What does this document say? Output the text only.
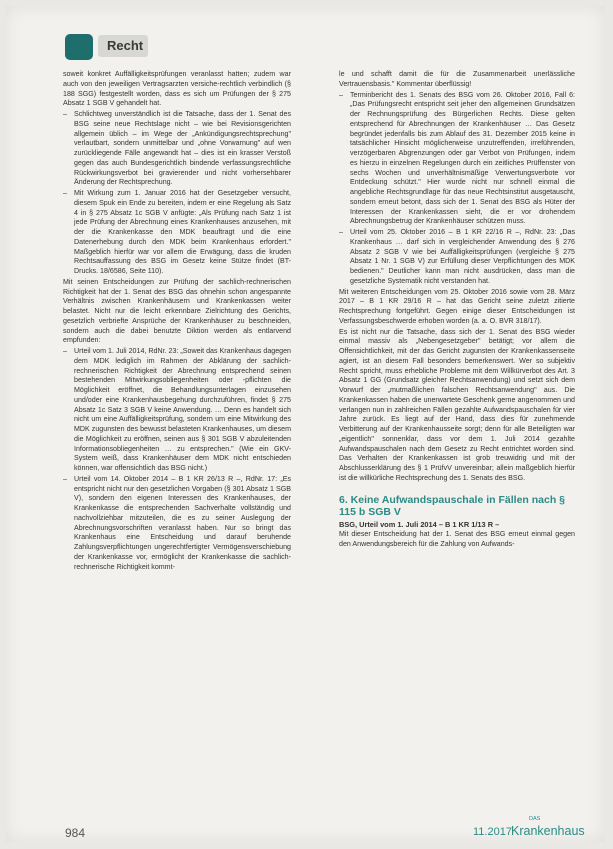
Recht

soweit konkret Auffälligkeitsprüfungen veranlasst hatten; zudem war auch von den jeweiligen Vertragsarzten versiche-rechtlich verbindlich (§ 188 SGG) festgestellt worden, dass es sich um Prüfungen der § 275 Absatz 1 SGB V gehandelt hat.

– Schlichtweg unverständlich ist die Tatsache, dass der 1. Senat des BSG seine neue Rechtslage nicht – wie bei Revisionsgerichten allgemein üblich – im Wege der „Ankündigungsrechtsprechung" verlautbart, sondern unmittelbar und „ohne Vorwarnung" auf wen zurückliegende Fälle angewandt hat – dies ist ein krasser Verstoß gegen das auch Bundesgerichtlich bindende verfassungsrechtliche Rückwirkungsverbot bei gravierender und nicht vorhersehbarer Änderung der Rechtsprechung.
– Mit Wirkung zum 1. Januar 2016 hat der Gesetzgeber versucht, diesem Spuk ein Ende zu bereiten, indem er eine Regelung als Satz 4 in § 275 Absatz 1c SGB V anfügte: „Als Prüfung nach Satz 1 ist jede Prüfung der Abrechnung eines Krankenhauses anzusehen, mit der die Krankenkasse den MDK beauftragt und die eine Datenerhebung durch den MDK beim Krankenhaus erfordert." Maßgeblich hierfür war vor allem die Erwägung, dass die kruden Rechtsauffassung des BSG im Gesetz keine Stütze findet (BT-Drucks. 18/6586, Seite 110).

Mit seinen Entscheidungen zur Prüfung der sachlich-rechnerischen Richtigkeit hat der 1. Senat des BSG das ohnehin schon angespannte Verhältnis zwischen Krankenhäusern und Krankenkassen weiter belastet. Nicht nur die leicht erkennbare Zielrichtung des Gerichts, gesetzlich verbriefte Ansprüche der Krankenhäuser zu beschneiden, sondern auch die dabei benutzte Diktion werden als entlarvend empfunden:

– Urteil vom 1. Juli 2014, RdNr. 23: „Soweit das Krankenhaus dagegen dem MDK lediglich im Rahmen der Abklärung der sachlich-rechnerischen Richtigkeit der Abrechnung entsprechend seinen bestehenden Mitwirkungsobliegenheiten oder -pflichten die Möglichkeit eröffnet, die Behandlungsunterlagen einzusehen und/oder eine Krankenhausbegehung durchzuführen, findet § 275 Absatz 1c Satz 3 SGB V keine Anwendung. … Denn es handelt sich nicht um eine Auffälligkeitsprüfung, sondern um eine Mitwirkung des MDK zugunsten des bewusst belasteten Krankenhauses, um diesem die Möglichkeit zu eröffnen, seinen aus § 301 SGB V abzuleitenden Informationsobliegenheiten … zu entsprechen." (Wie ein GKV-System weiß, dass Krankenhäuser dem MDK nicht entschieden können, war offensichtlich das BSG nicht.)
– Urteil vom 14. Oktober 2014 – B 1 KR 26/13 R –, RdNr. 17: „Es entspricht nicht nur den gesetzlichen Vorgaben (§ 301 Absatz 1 SGB V), sondern den eigenen Interessen des Krankenhauses, der Krankenkasse die entsprechenden Sachverhalte vollständig und nachvollziehbar mitzuteilen, die es zu seiner Auslegung der Abrechnungsvorschriften veranlasst haben. Nur so bringt das Krankenhaus eine Entscheidung und darauf beruhende Zahlungsverpflichtungen ungerechtfertigter Vermögensverschiebung der Krankenkasse vor, ermöglicht der Krankenkasse die sachlich-rechnerische Richtigkeit kommt-

le und schafft damit die für die Zusammenarbeit unerlässliche Vertrauensbasis." Kommentar überflüssig!

– Terminbericht des 1. Senats des BSG vom 26. Oktober 2016, Fall 6: „Das Prüfungsrecht entspricht seit jeher den allgemeinen Grundsätzen der Rechnungsprüfung des Bürgerlichen Rechts. Diese gelten entsprechend für Abrechnungen der Krankenhäuser … Das Gesetz begründet jedenfalls bis zum Ablauf des 31. Dezember 2015 keine in tatsächlicher Hinsicht möglicherweise unzutreffenden, irreführenden, verzögerbaren Abgrenzungen oder gar Verbot von Prüfungen, indem es hierzu in einzelnen Regelungen durch ein zeitliches Prüffenster von sechs Wochen und unverhältnismäßige Verwertungsverbote vor Entdeckung schützt." Hier wurde nicht nur schnell einmal die angebliche Rechtsgrundlage für das neue Rechtsinstitut ausgetauscht, sondern erneut betont, dass sich der 1. Senat des BSG als Hüter der Interessen der Krankenkassen sieht, die er vor drohendem Abrechnungsbetrug der Krankenhäuser schützen muss.
– Urteil vom 25. Oktober 2016 – B 1 KR 22/16 R –, RdNr. 23: „Das Krankenhaus … darf sich in vergleichender Anwendung des § 276 Absatz 2 SGB V wie bei Auffälligkeitsprüfungen (vergleiche § 275 Absatz 1 Nr. 1 SGB V) zur Erfüllung dieser Verpflichtungen des MDK bedienen." Deutlicher kann man nicht ausdrücken, dass man die gesetzliche Systematik nicht verstanden hat.

Mit weiteren Entscheidungen vom 25. Oktober 2016 sowie vom 28. März 2017 – B 1 KR 29/16 R – hat das Gericht seine zuletzt zitierte Rechtsprechung fortgeführt. Gegen einige dieser Entscheidungen ist Verfassungsbeschwerde erhoben worden (a. a. O. BVR 318/17).

Es ist nicht nur die Tatsache, dass sich der 1. Senat des BSG wieder einmal massiv als „Nebengesetzgeber" betätigt; vor allem die Offensichtlichkeit, mit der das Gericht zugunsten der Krankenkassenseite agiert, ist an diesem Fall besonders bemerkenswert. Wer so subjektiv Recht spricht, muss erhebliche Probleme mit dem Willkürverbot des Art. 3 Absatz 1 GG (Grundsatz gleicher Rechtsanwendung) und setzt sich dem Vorwurf der „mutmaßlichen falschen Rechtsanwendung" aus. Die Krankenkassen haben die unerwartete Geschenk gerne angenommen und verlangen nun in zahlreichen Fällen gezahlte Aufwandspauschalen für vier Jahre zurück. Es liegt auf der Hand, dass dies für zunehmende Verbitterung auf der Krankenhausseite sorgt; denn für alle Beteiligten war „eigentlich" sonnenklar, dass vor dem 1. Juli 2014 gezahlte Aufwandspauschalen nach dem Gesetz zu Recht entrichtet worden sind. Das Verhalten der Krankenkassen ist grob treuwidrig und mit der Abschlusserklärung des § 1 PrüfvV unvereinbar; allein maßgeblich hierfür ist die willkürliche Rechtsprechung des 1. Senats des BSG.

6. Keine Aufwandspauschale in Fällen nach § 115 b SGB V
BSG, Urteil vom 1. Juli 2014 – B 1 KR 1/13 R –

Mit dieser Entscheidung hat der 1. Senat des BSG erneut einmal gegen den Anwendungsbereich für die Zahlung von Aufwands-

984	11.2017
DAS
Krankenhaus
